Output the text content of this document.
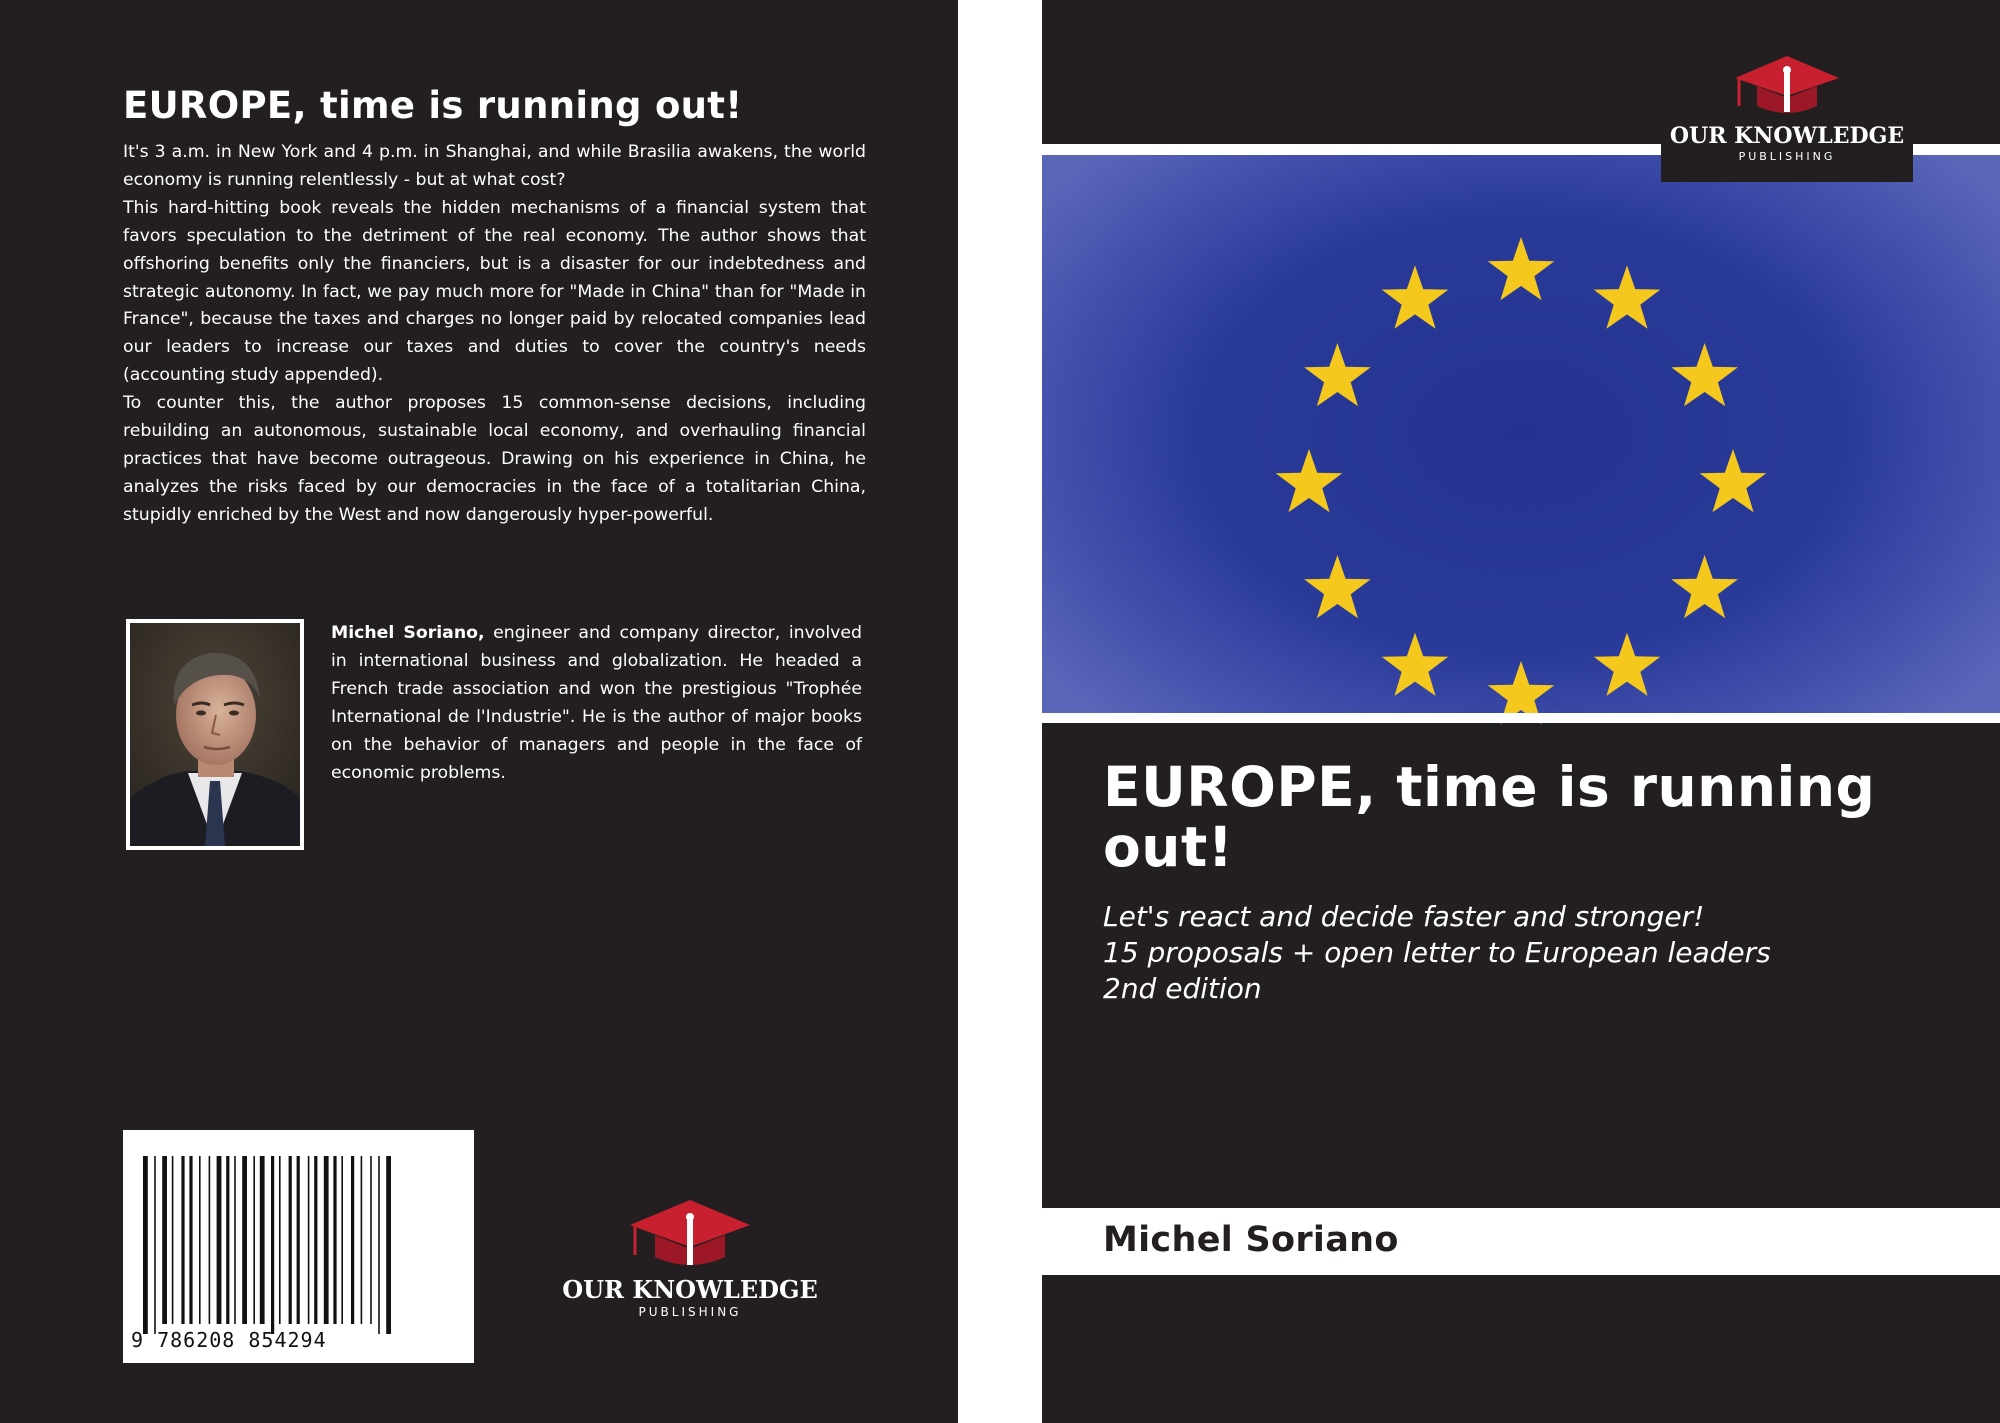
EUROPE, time is running out!

It's 3 a.m. in New York and 4 p.m. in Shanghai, and while Brasilia awakens, the world economy is running relentlessly - but at what cost?

This hard-hitting book reveals the hidden mechanisms of a financial system that favors speculation to the detriment of the real economy. The author shows that offshoring benefits only the financiers, but is a disaster for our indebtedness and strategic autonomy. In fact, we pay much more for "Made in China" than for "Made in France", because the taxes and charges no longer paid by relocated companies lead our leaders to increase our taxes and duties to cover the country's needs (accounting study appended).

To counter this, the author proposes 15 common-sense decisions, including rebuilding an autonomous, sustainable local economy, and overhauling financial practices that have become outrageous. Drawing on his experience in China, he analyzes the risks faced by our democracies in the face of a totalitarian China, stupidly enriched by the West and now dangerously hyper-powerful.

Michel Soriano, engineer and company director, involved in international business and globalization. He headed a French trade association and won the prestigious "Trophée International de l'Industrie". He is the author of major books on the behavior of managers and people in the face of economic problems.
9 786208 854294
OUR KNOWLEDGE
PUBLISHING
Michel Soriano
OUR KNOWLEDGE
PUBLISHING
EUROPE, time is running out!
Let's react and decide faster and stronger!
15 proposals + open letter to European leaders
2nd edition
Michel Soriano
